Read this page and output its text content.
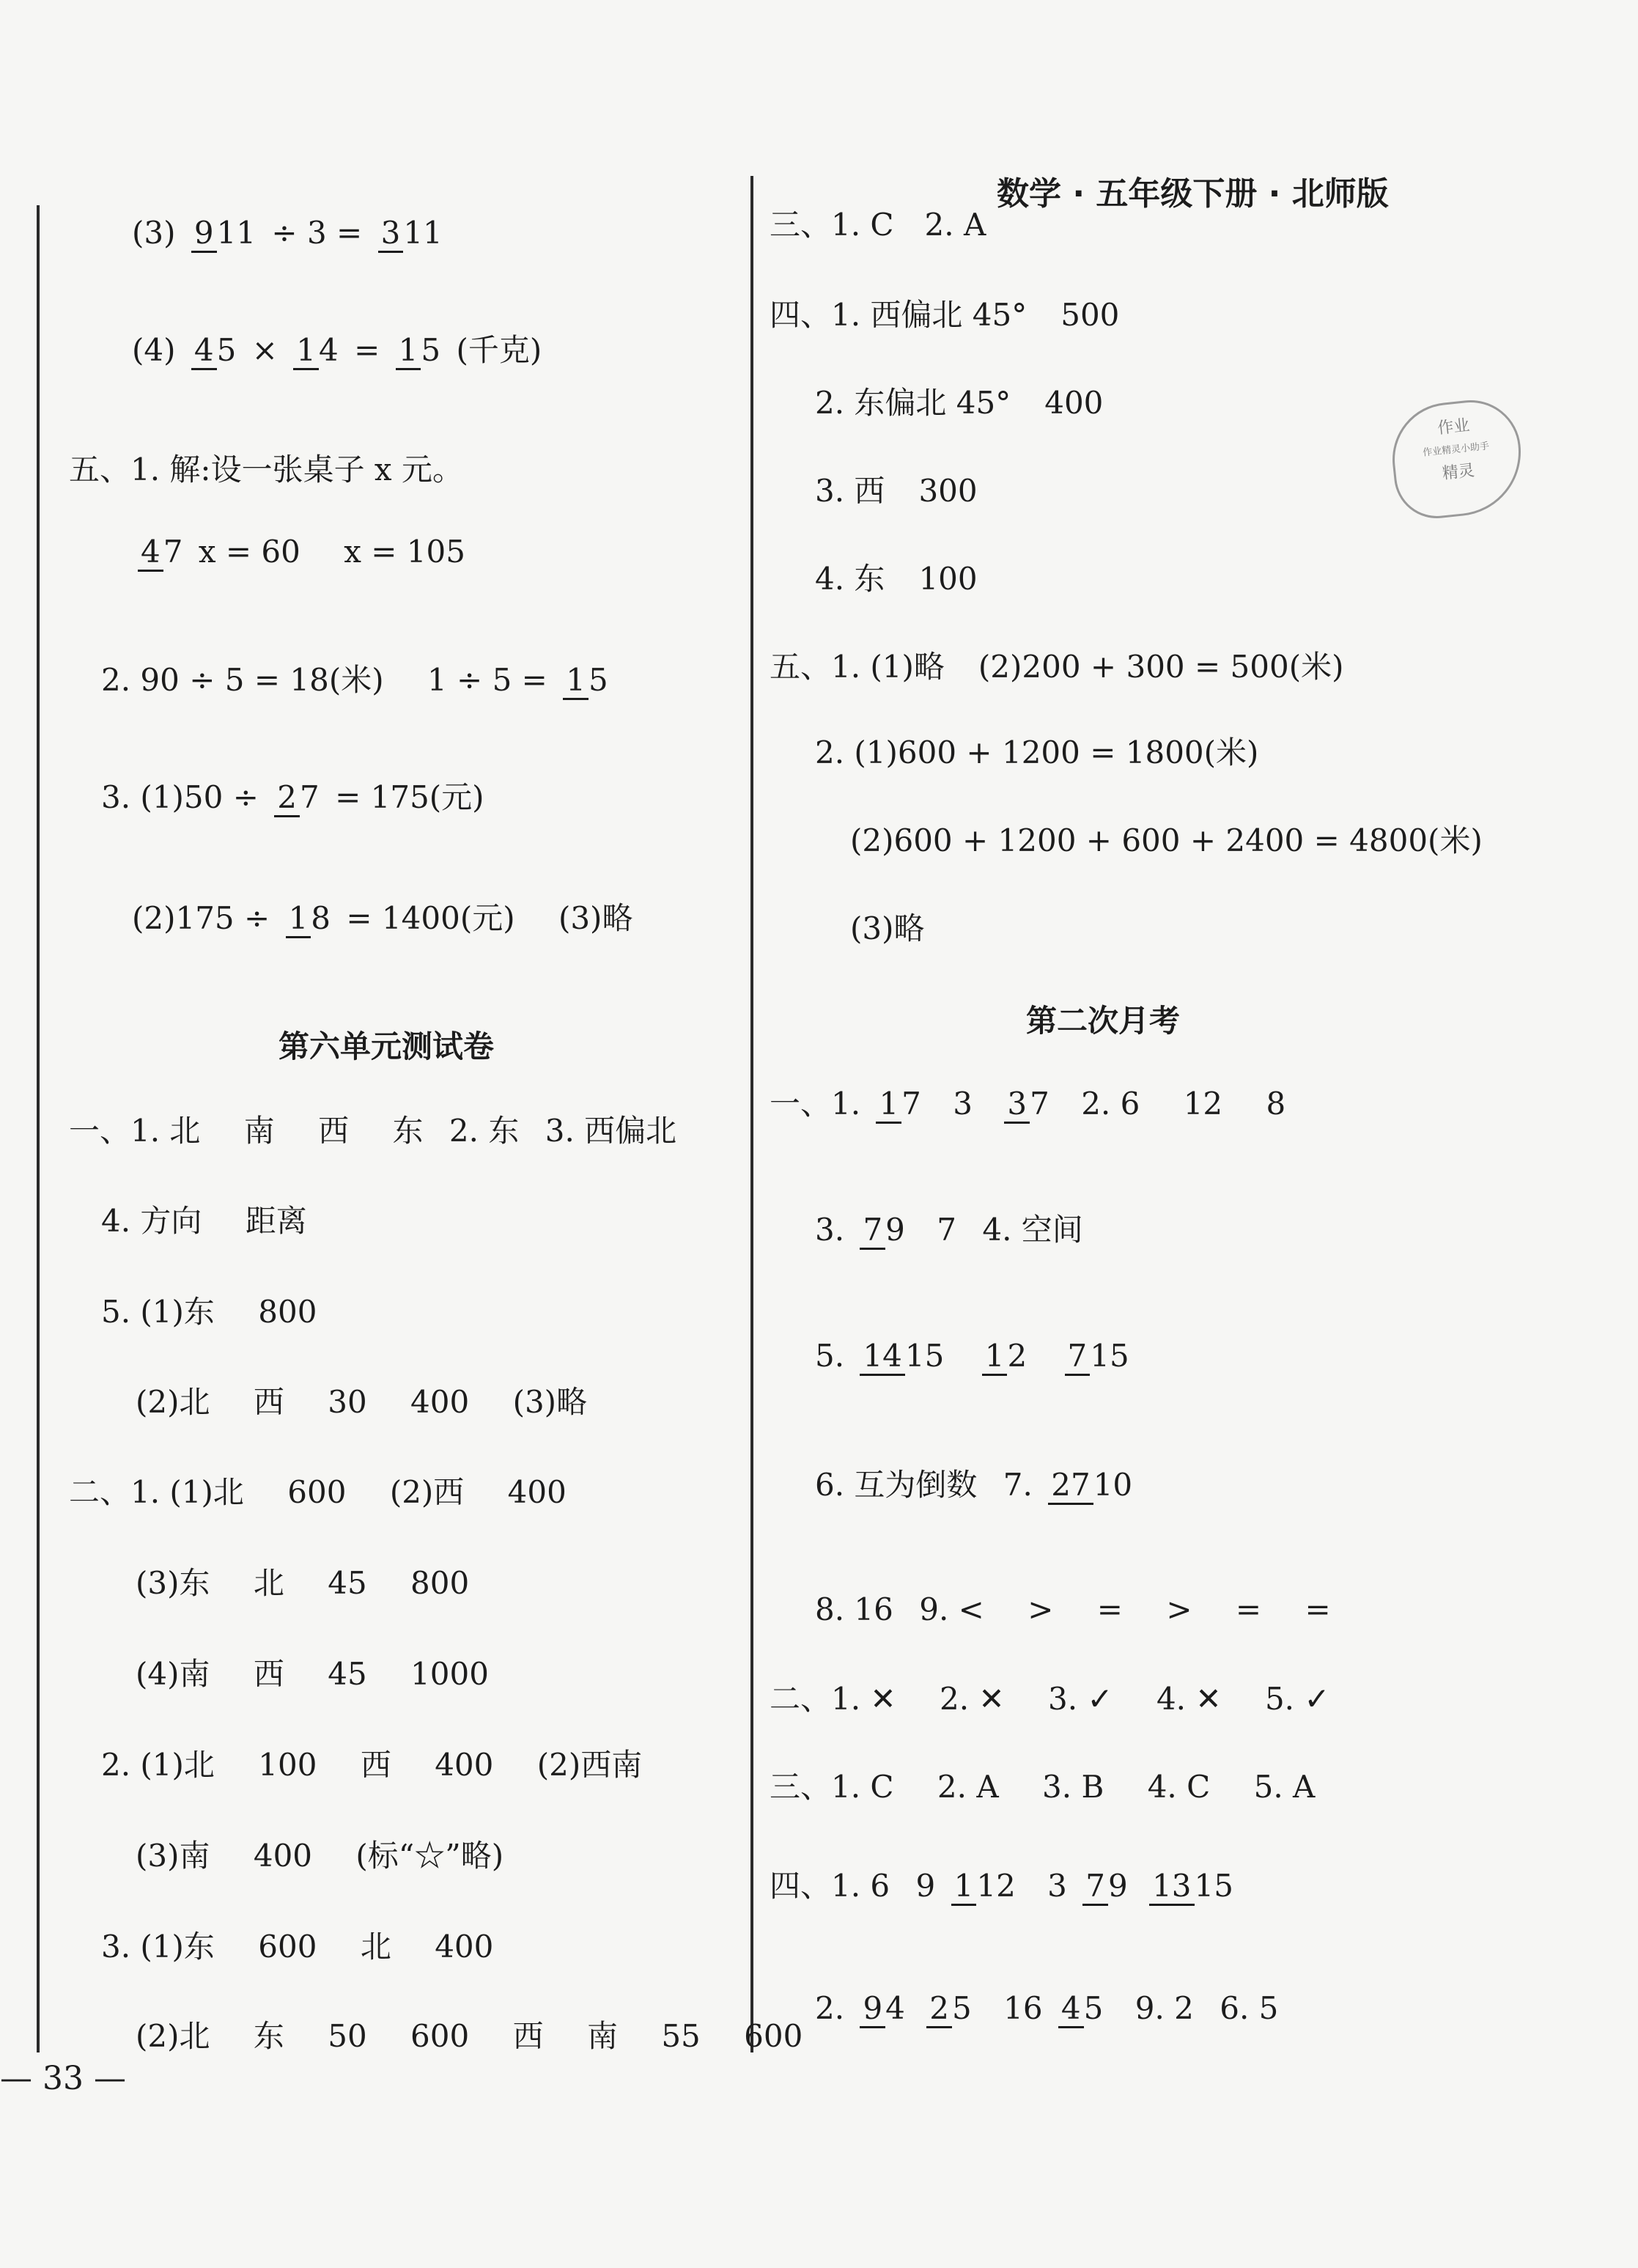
数学 · 五年级下册 · 北师版
作业
作业精灵小助手
精灵
(3) 911 ÷ 3 = 311
(4) 45 × 14 = 15 (千克)
五、1. 解:设一张桌子 x 元。
47 x = 60 x = 105
2. 90 ÷ 5 = 18(米) 1 ÷ 5 = 15
3. (1)50 ÷ 27 = 175(元)
(2)175 ÷ 18 = 1400(元) (3)略
第六单元测试卷
一、1. 北 南 西 东 2. 东 3. 西偏北
4. 方向 距离
5. (1)东 800
(2)北 西 30 400 (3)略
二、1. (1)北 600 (2)西 400
(3)东 北 45 800
(4)南 西 45 1000
2. (1)北 100 西 400 (2)西南
(3)南 400 (标“☆”略)
3. (1)东 600 北 400
(2)北 东 50 600 西 南 55 600
— 33 —
三、1. C　2. A
四、1. 西偏北 45° 500
2. 东偏北 45° 400
3. 西 300
4. 东 100
五、1. (1)略 (2)200 + 300 = 500(米)
2. (1)600 + 1200 = 1800(米)
(2)600 + 1200 + 600 + 2400 = 4800(米)
(3)略
第二次月考
一、1. 17 3 37 2. 6 12 8
3. 79 7 4. 空间
5. 1415 12 715
6. 互为倒数 7. 2710
8. 16 9. < > = > = =
二、1. ✕ 2. ✕ 3. ✓ 4. ✕ 5. ✓
三、1. C 2. A 3. B 4. C 5. A
四、1. 6 9 112 3 79 1315
2. 94 25 16 45 9. 2 6. 5
